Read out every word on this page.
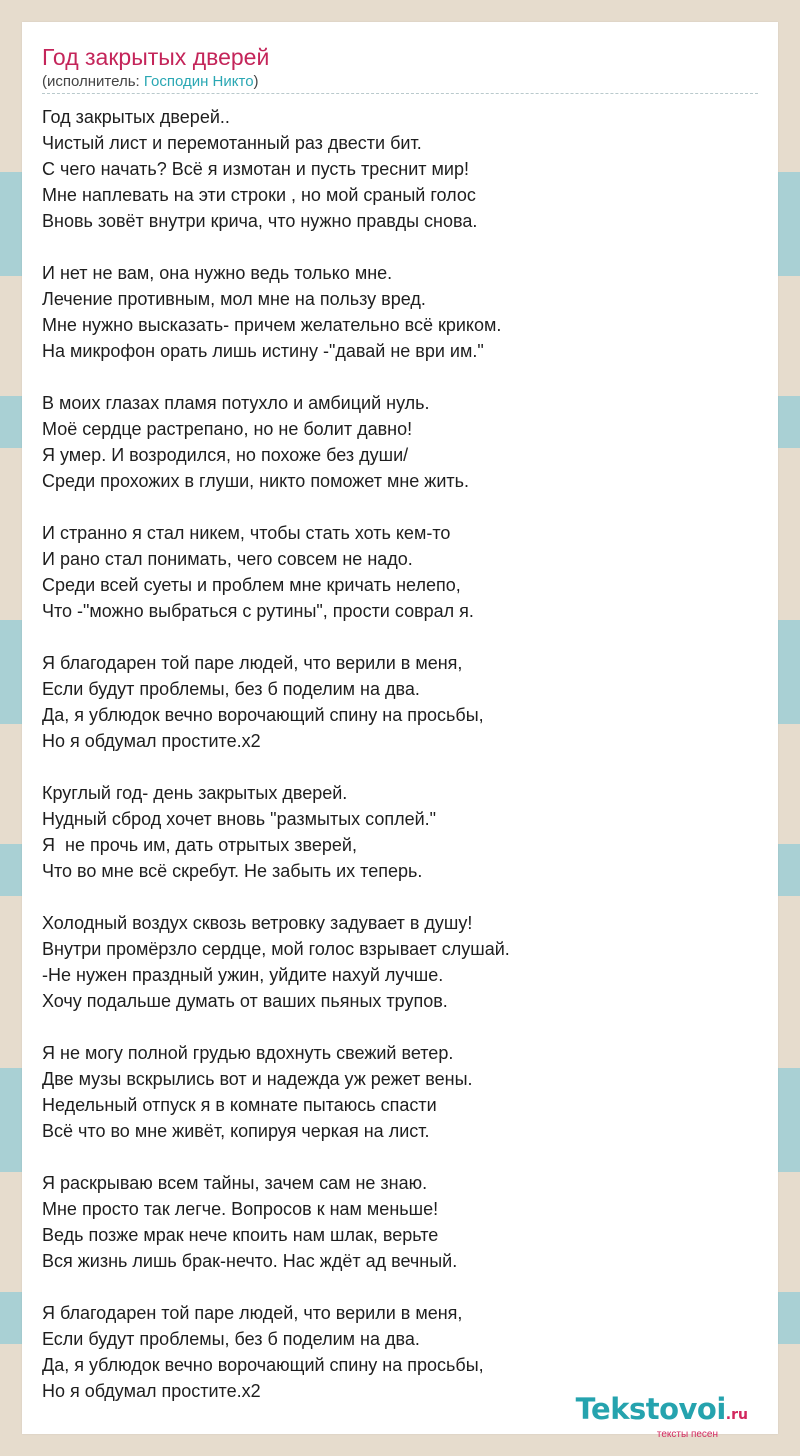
Год закрытых дверей
(исполнитель: Господин Никто)
Год закрытых дверей..
Чистый лист и перемотанный раз двести бит.
С чего начать? Всё я измотан и пусть треснит мир!
Мне наплевать на эти строки , но мой сраный голос
Вновь зовёт внутри крича, что нужно правды снова.
И нет не вам, она нужно ведь только мне.
Лечение противным, мол мне на пользу вред.
Мне нужно высказать- причем желательно всё криком.
На микрофон орать лишь истину -"давай не ври им."
В моих глазах пламя потухло и амбиций нуль.
Моё сердце растрепано, но не болит давно!
Я умер. И возродился, но похоже без души/
Среди прохожих в глуши, никто поможет мне жить.
И странно я стал никем, чтобы стать хоть кем-то
И рано стал понимать, чего совсем не надо.
Среди всей суеты и проблем мне кричать нелепо,
Что -"можно выбраться с рутины", прости соврал я.
Я благодарен той паре людей, что верили в меня,
Если будут проблемы, без б поделим на два.
Да, я ублюдок вечно ворочающий спину на просьбы,
Но я обдумал простите.x2
Круглый год- день закрытых дверей.
Нудный сброд хочет вновь "размытых соплей."
Я  не прочь им, дать отрытых зверей,
Что во мне всё скребут. Не забыть их теперь.
Холодный воздух сквозь ветровку задувает в душу!
Внутри промёрзло сердце, мой голос взрывает слушай.
-Не нужен праздный ужин, уйдите нахуй лучше.
Хочу подальше думать от ваших пьяных трупов.
Я не могу полной грудью вдохнуть свежий ветер.
Две музы вскрылись вот и надежда уж режет вены.
Недельный отпуск я в комнате пытаюсь спасти
Всё что во мне живёт, копируя черкая на лист.
Я раскрываю всем тайны, зачем сам не знаю.
Мне просто так легче. Вопросов к нам меньше!
Ведь позже мрак нече кпоить нам шлак, верьте
Вся жизнь лишь брак-нечто. Нас ждёт ад вечный.
Я благодарен той паре людей, что верили в меня,
Если будут проблемы, без б поделим на два.
Да, я ублюдок вечно ворочающий спину на просьбы,
Но я обдумал простите.x2
Tekstovoi.ru
тексты песен
